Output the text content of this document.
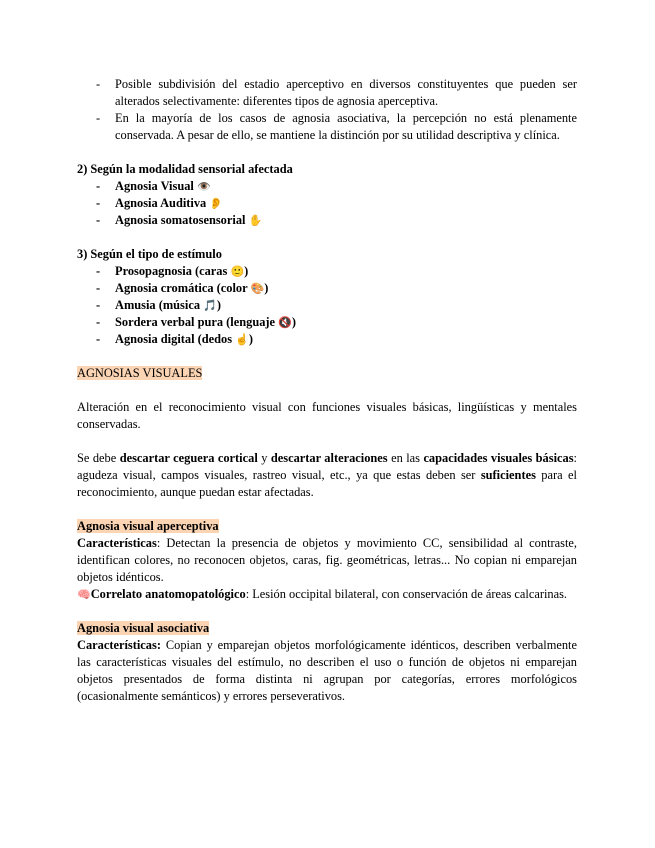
- Posible subdivisión del estadio aperceptivo en diversos constituyentes que pueden ser alterados selectivamente: diferentes tipos de agnosia aperceptiva.
- En la mayoría de los casos de agnosia asociativa, la percepción no está plenamente conservada. A pesar de ello, se mantiene la distinción por su utilidad descriptiva y clínica.
2) Según la modalidad sensorial afectada
- Agnosia Visual 👁️
- Agnosia Auditiva 👂
- Agnosia somatosensorial ✋
3) Según el tipo de estímulo
- Prosopagnosia (caras 🙂)
- Agnosia cromática (color 🎨)
- Amusia (música 🎵)
- Sordera verbal pura (lenguaje 🔇)
- Agnosia digital (dedos ☝️)
AGNOSIAS VISUALES
Alteración en el reconocimiento visual con funciones visuales básicas, lingüísticas y mentales conservadas.
Se debe descartar ceguera cortical y descartar alteraciones en las capacidades visuales básicas: agudeza visual, campos visuales, rastreo visual, etc., ya que estas deben ser suficientes para el reconocimiento, aunque puedan estar afectadas.
Agnosia visual aperceptiva
Características: Detectan la presencia de objetos y movimiento CC, sensibilidad al contraste, identifican colores, no reconocen objetos, caras, fig. geométricas, letras... No copian ni emparejan objetos idénticos.
🧠Correlato anatomopatológico: Lesión occipital bilateral, con conservación de áreas calcarinas.
Agnosia visual asociativa
Características: Copian y emparejan objetos morfológicamente idénticos, describen verbalmente las características visuales del estímulo, no describen el uso o función de objetos ni emparejan objetos presentados de forma distinta ni agrupan por categorías, errores morfológicos (ocasionalmente semánticos) y errores perseverativos.
